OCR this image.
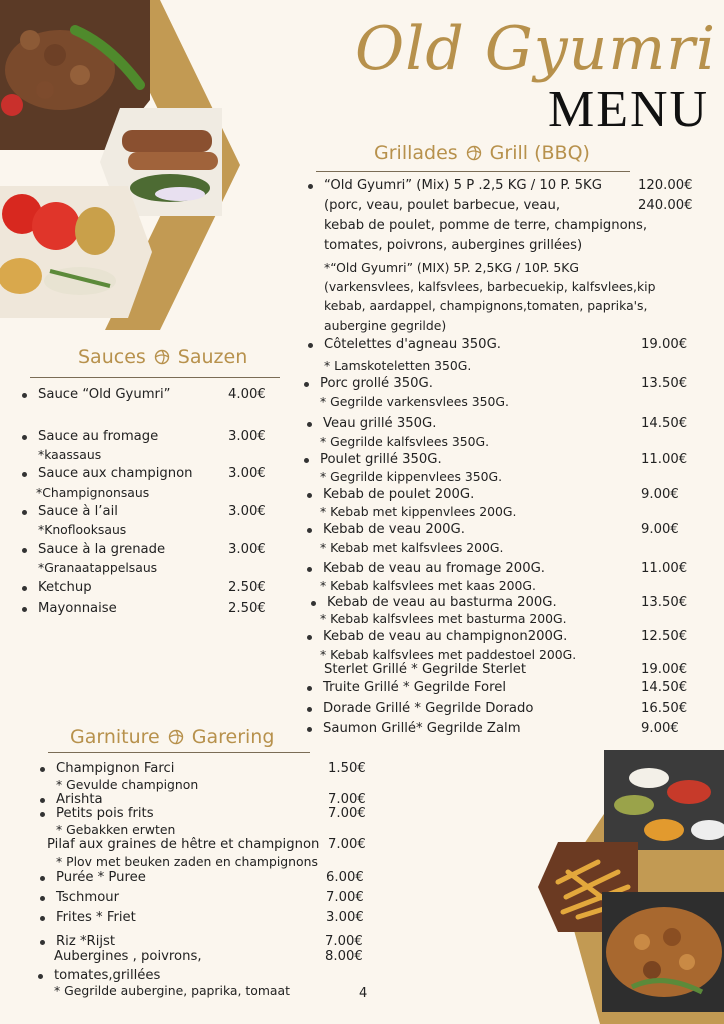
Old Gyumri
MENU
Grillades Grill (BBQ)
Sauces Sauzen
Garniture Garering
“Old Gyumri” (Mix) 5 P .2,5 KG / 10 P. 5KG	120.00€
(porc, veau, poulet barbecue, veau,	240.00€
kebab de poulet, pomme de terre, champignons,
tomates, poivrons, aubergines grillées)
*“Old Gyumri” (MIX) 5P. 2,5KG / 10P. 5KG
(varkensvlees, kalfsvlees, barbecuekip, kalfsvlees,kip
kebab, aardappel, champignons,tomaten, paprika's,
aubergine gegrilde)
Côtelettes d'agneau 350G.	19.00€
* Lamskoteletten 350G.
Porc grollé 350G.	13.50€
* Gegrilde varkensvlees 350G.
Veau grillé 350G.	14.50€
* Gegrilde kalfsvlees 350G.
Poulet grillé 350G.	11.00€
* Gegrilde kippenvlees 350G.
Kebab de poulet 200G.	9.00€
* Kebab met kippenvlees 200G.
Kebab de veau 200G.	9.00€
* Kebab met kalfsvlees 200G.
Kebab de veau au fromage 200G.	11.00€
* Kebab kalfsvlees met kaas 200G.
Kebab de veau au basturma 200G.	13.50€
* Kebab kalfsvlees met basturma 200G.
Kebab de veau au champignon200G.	12.50€
* Kebab kalfsvlees met paddestoel 200G.
Sterlet Grillé * Gegrilde Sterlet	19.00€
Truite Grillé * Gegrilde Forel	14.50€
Dorade Grillé * Gegrilde Dorado	16.50€
Saumon Grillé* Gegrilde Zalm	9.00€
Sauce “Old Gyumri”	4.00€
Sauce au fromage	3.00€
*kaassaus
Sauce aux champignon	3.00€
*Champignonsaus
Sauce à l’ail	3.00€
*Knoflooksaus
Sauce à la grenade	3.00€
*Granaatappelsaus
Ketchup	2.50€
Mayonnaise	2.50€
Champignon Farci	1.50€
* Gevulde champignon
Arishta	7.00€
Petits pois frits	7.00€
* Gebakken erwten
Pilaf aux graines de hêtre et champignon 7.00€
* Plov met beuken zaden en champignons
Purée * Puree	6.00€
Tschmour	7.00€
Frites * Friet	3.00€
Riz *Rijst	7.00€
Aubergines , poivrons,	8.00€
tomates,grillées
* Gegrilde aubergine, paprika, tomaat	4
